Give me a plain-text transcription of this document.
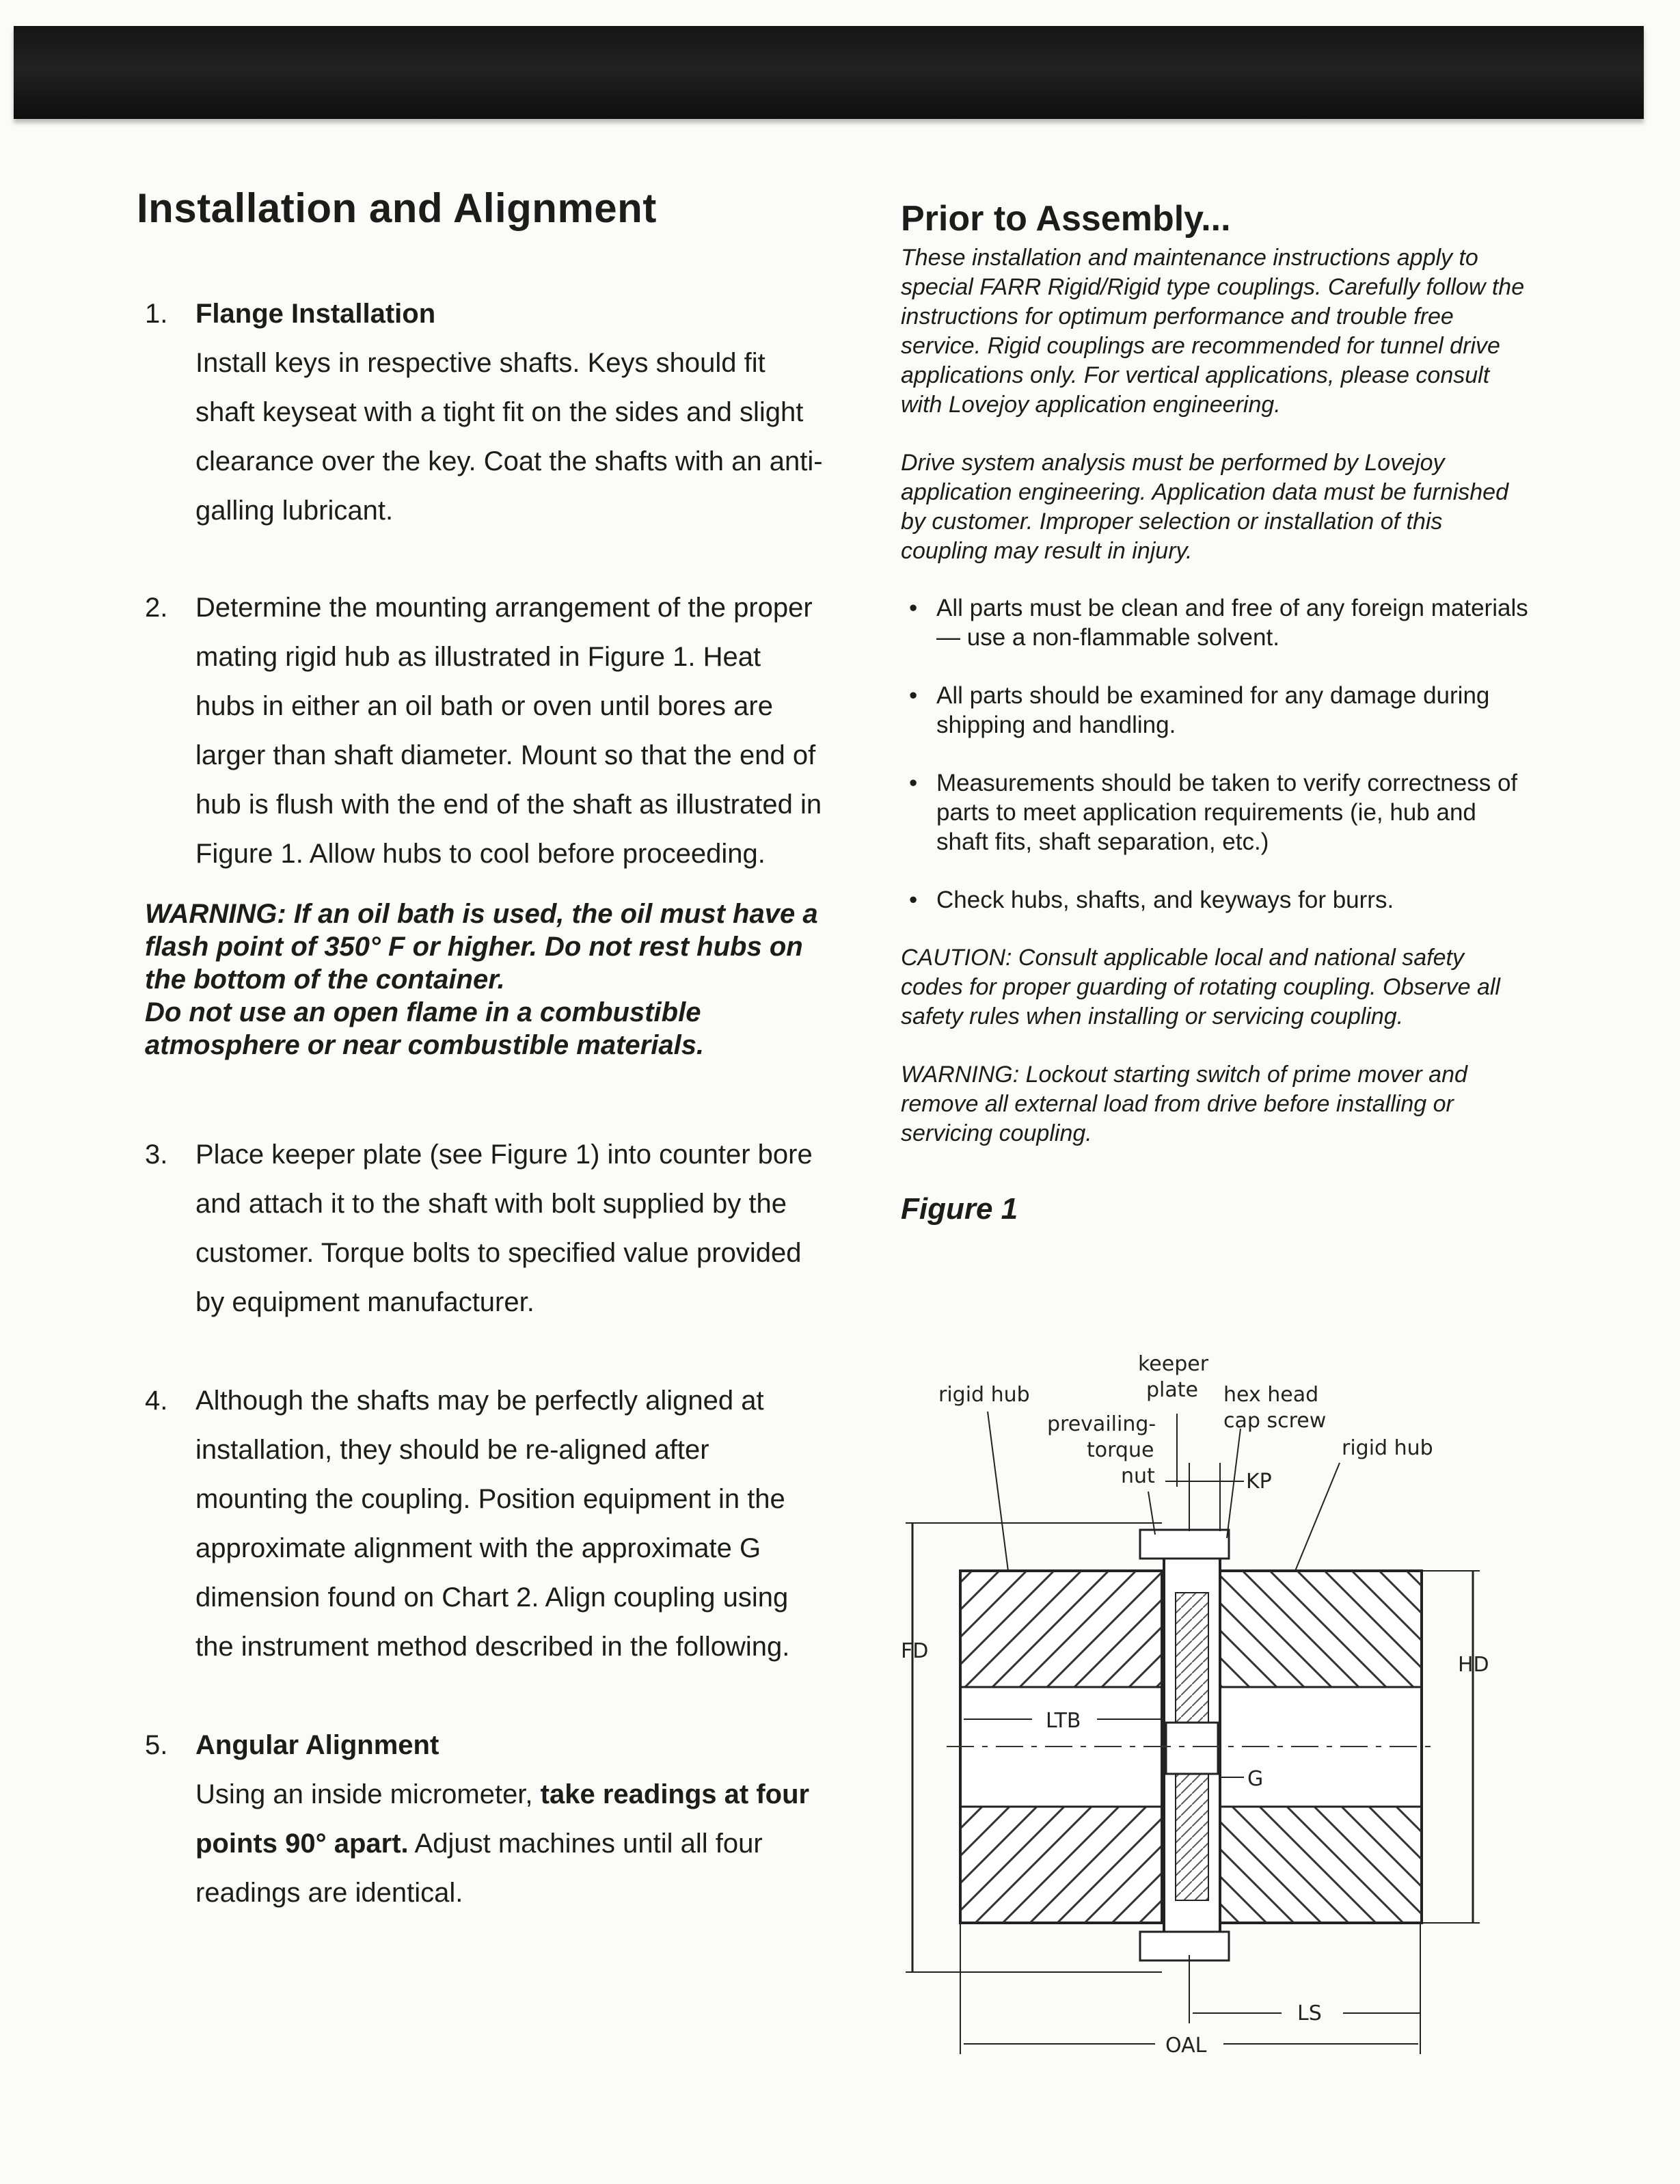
Installation and Alignment
1. Flange Installation
Install keys in respective shafts. Keys should fit shaft keyseat with a tight fit on the sides and slight clearance over the key. Coat the shafts with an anti-galling lubricant.
2. Determine the mounting arrangement of the proper mating rigid hub as illustrated in Figure 1. Heat hubs in either an oil bath or oven until bores are larger than shaft diameter. Mount so that the end of hub is flush with the end of the shaft as illustrated in Figure 1. Allow hubs to cool before proceeding.
WARNING: If an oil bath is used, the oil must have a flash point of 350° F or higher. Do not rest hubs on the bottom of the container.
Do not use an open flame in a combustible atmosphere or near combustible materials.
3. Place keeper plate (see Figure 1) into counter bore and attach it to the shaft with bolt supplied by the customer. Torque bolts to specified value provided by equipment manufacturer.
4. Although the shafts may be perfectly aligned at installation, they should be re-aligned after mounting the coupling. Position equipment in the approximate alignment with the approximate G dimension found on Chart 2. Align coupling using the instrument method described in the following.
5. Angular Alignment
Using an inside micrometer, take readings at four points 90° apart. Adjust machines until all four readings are identical.
Prior to Assembly...

These installation and maintenance instructions apply to special FARR Rigid/Rigid type couplings. Carefully follow the instructions for optimum performance and trouble free service. Rigid couplings are recommended for tunnel drive applications only. For vertical applications, please consult with Lovejoy application engineering.

Drive system analysis must be performed by Lovejoy application engineering. Application data must be furnished by customer. Improper selection or installation of this coupling may result in injury.

• All parts must be clean and free of any foreign materials — use a non-flammable solvent.
• All parts should be examined for any damage during shipping and handling.
• Measurements should be taken to verify correctness of parts to meet application requirements (ie, hub and shaft fits, shaft separation, etc.)
• Check hubs, shafts, and keyways for burrs.

CAUTION: Consult applicable local and national safety codes for proper guarding of rotating coupling. Observe all safety rules when installing or servicing coupling.

WARNING: Lockout starting switch of prime mover and remove all external load from drive before installing or servicing coupling.

Figure 1
FD
HD
LTB
G
LS
OAL
KP
rigid hub
keeper
plate hex head
cap screw
prevailing-
torque
nut
rigid hub
